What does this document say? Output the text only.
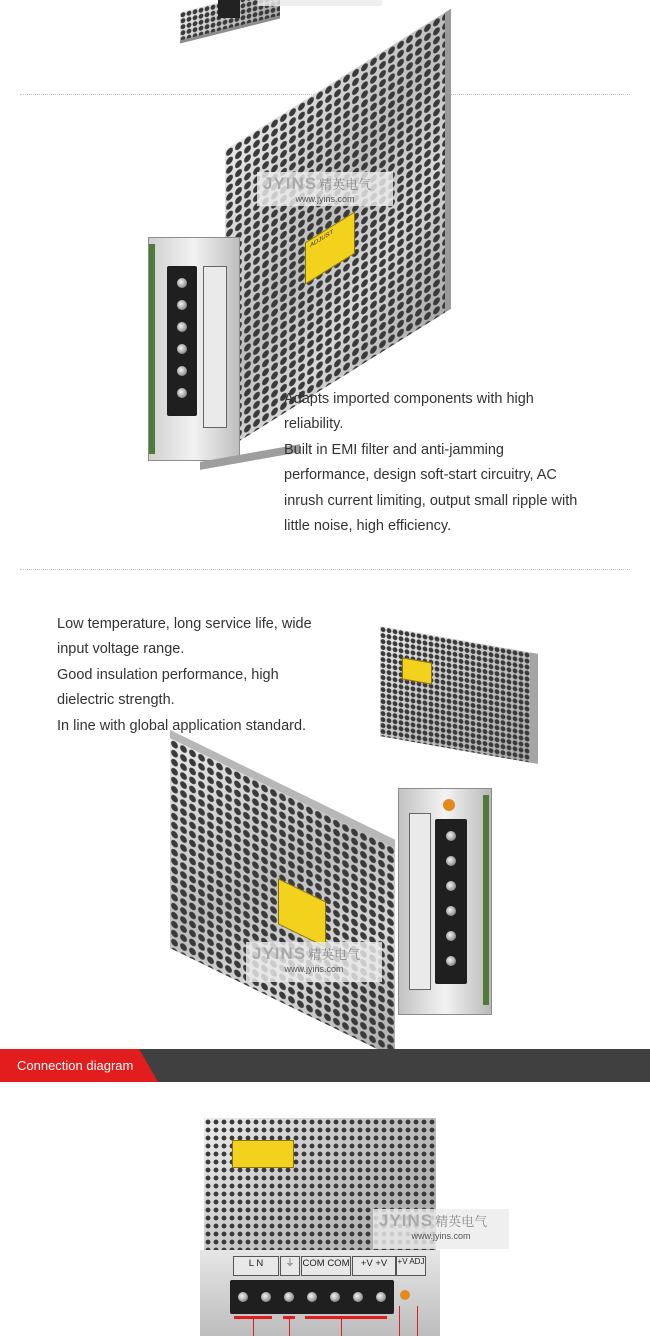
ADJUST
JYINS 精英电气
www.jyins.com

Adapts imported components with high reliability.

Built in EMI filter and anti-jamming performance, design soft-start circuitry, AC inrush current limiting, output small ripple with little noise, high efficiency.

Low temperature, long service life, wide input voltage range.

Good insulation performance, high dielectric strength.

In line with global application standard.

JYINS 精英电气
www.jyins.com
Connection diagram
L N	⏚ COM COM	+V +V	+V ADJ
JYINS 精英电气
www.jyins.com
